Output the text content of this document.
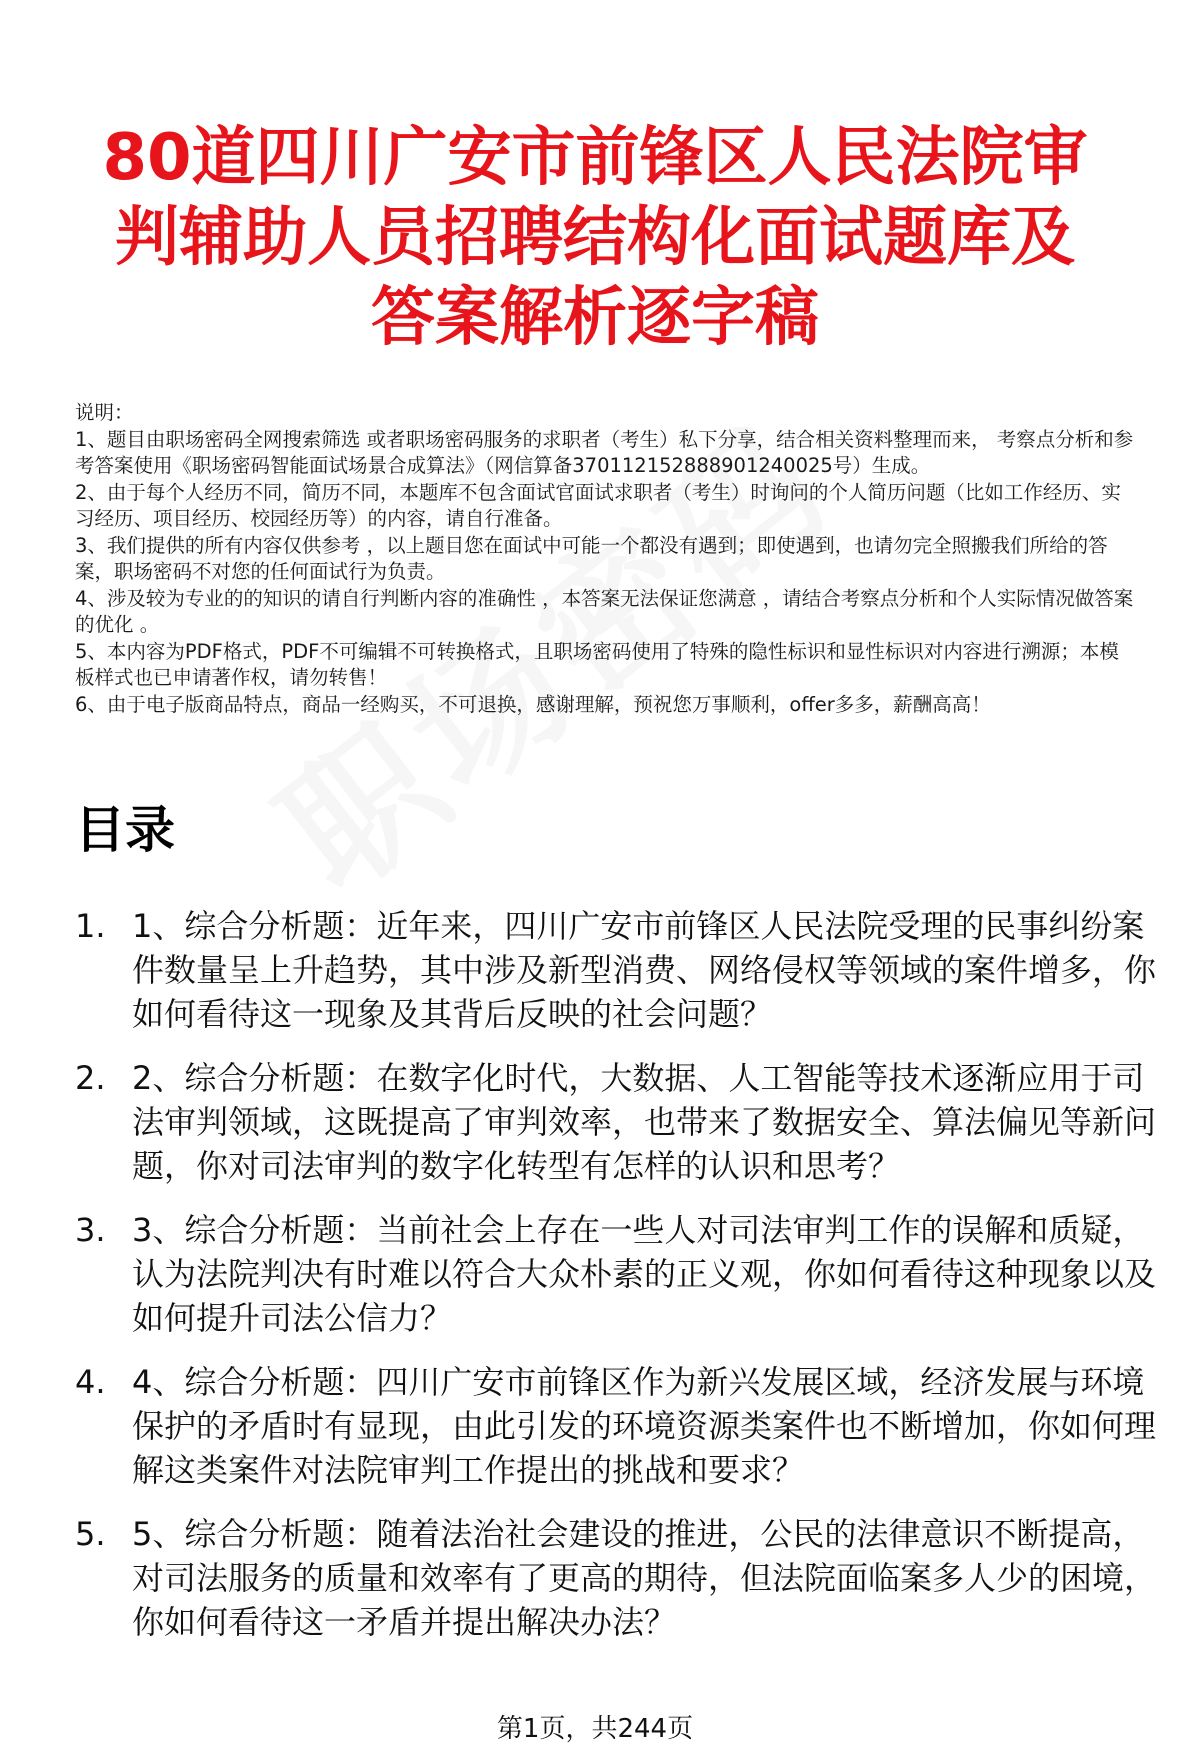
80道四川广安市前锋区人民法院审判辅助人员招聘结构化面试题库及答案解析逐字稿

说明：

1、题目由职场密码全网搜索筛选 或者职场密码服务的求职者（考生）私下分享，结合相关资料整理而来， 考察点分析和参考答案使用《职场密码智能面试场景合成算法》（网信算备370112152888901240025号）生成。

2、由于每个人经历不同，简历不同，本题库不包含面试官面试求职者（考生）时询问的个人简历问题（比如工作经历、实习经历、项目经历、校园经历等）的内容，请自行准备。

3、我们提供的所有内容仅供参考 ，以上题目您在面试中可能一个都没有遇到；即使遇到，也请勿完全照搬我们所给的答案，职场密码不对您的任何面试行为负责。

4、涉及较为专业的的知识的请自行判断内容的准确性 ，本答案无法保证您满意 ，请结合考察点分析和个人实际情况做答案的优化 。

5、本内容为PDF格式，PDF不可编辑不可转换格式，且职场密码使用了特殊的隐性标识和显性标识对内容进行溯源；本模板样式也已申请著作权，请勿转售！

6、由于电子版商品特点，商品一经购买，不可退换，感谢理解，预祝您万事顺利，offer多多，薪酬高高！

目录
1. 1、综合分析题：近年来，四川广安市前锋区人民法院受理的民事纠纷案件数量呈上升趋势，其中涉及新型消费、网络侵权等领域的案件增多，你如何看待这一现象及其背后反映的社会问题？
2. 2、综合分析题：在数字化时代，大数据、人工智能等技术逐渐应用于司法审判领域，这既提高了审判效率，也带来了数据安全、算法偏见等新问题，你对司法审判的数字化转型有怎样的认识和思考？
3. 3、综合分析题：当前社会上存在一些人对司法审判工作的误解和质疑，认为法院判决有时难以符合大众朴素的正义观，你如何看待这种现象以及如何提升司法公信力？
4. 4、综合分析题：四川广安市前锋区作为新兴发展区域，经济发展与环境保护的矛盾时有显现，由此引发的环境资源类案件也不断增加，你如何理解这类案件对法院审判工作提出的挑战和要求？
5. 5、综合分析题：随着法治社会建设的推进，公民的法律意识不断提高，对司法服务的质量和效率有了更高的期待，但法院面临案多人少的困境，你如何看待这一矛盾并提出解决办法？
第1页，共244页
